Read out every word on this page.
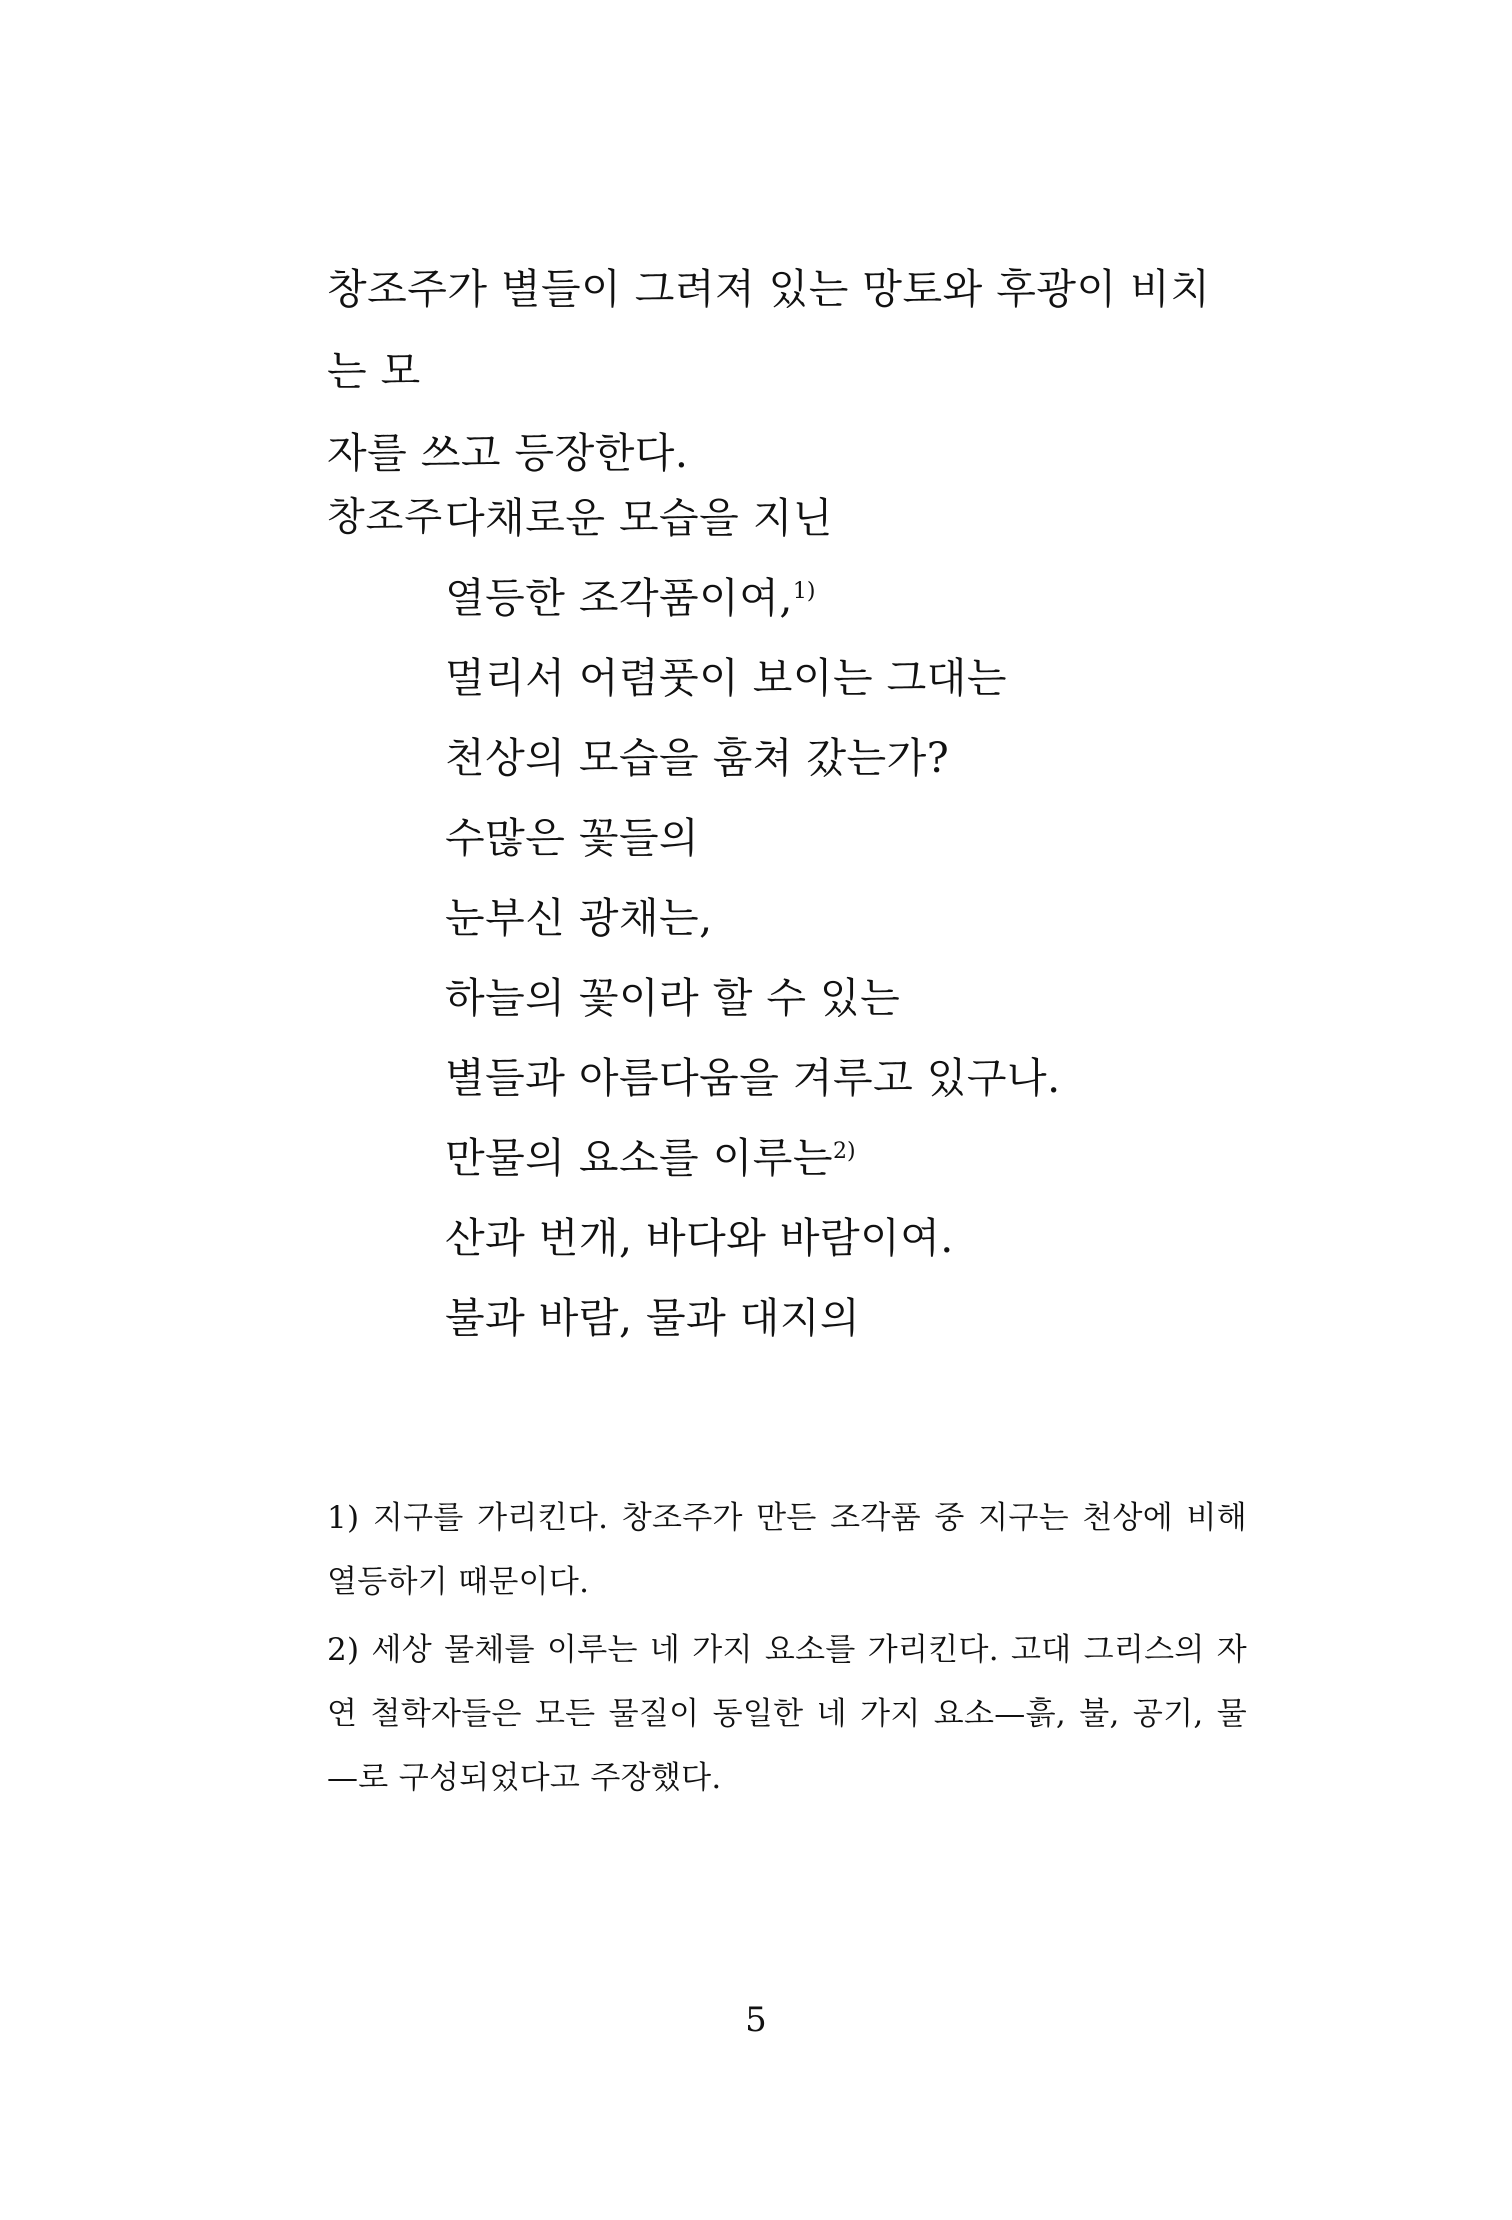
창조주가 별들이 그려져 있는 망토와 후광이 비치는 모

자를 쓰고 등장한다.

창조주 다채로운 모습을 지닌
열등한 조각품이여,$^{1)}$
멀리서 어렴풋이 보이는 그대는
천상의 모습을 훔쳐 갔는가?
수많은 꽃들의
눈부신 광채는,
하늘의 꽃이라 할 수 있는
별들과 아름다움을 겨루고 있구나.
만물의 요소를 이루는$^{2)}$
산과 번개, 바다와 바람이여.
불과 바람, 물과 대지의

1) 지구를 가리킨다. 창조주가 만든 조각품 중 지구는 천상에 비해 열등하기 때문이다.

2) 세상 물체를 이루는 네 가지 요소를 가리킨다. 고대 그리스의 자연 철학자들은 모든 물질이 동일한 네 가지 요소—흙, 불, 공기, 물—로 구성되었다고 주장했다.

5
